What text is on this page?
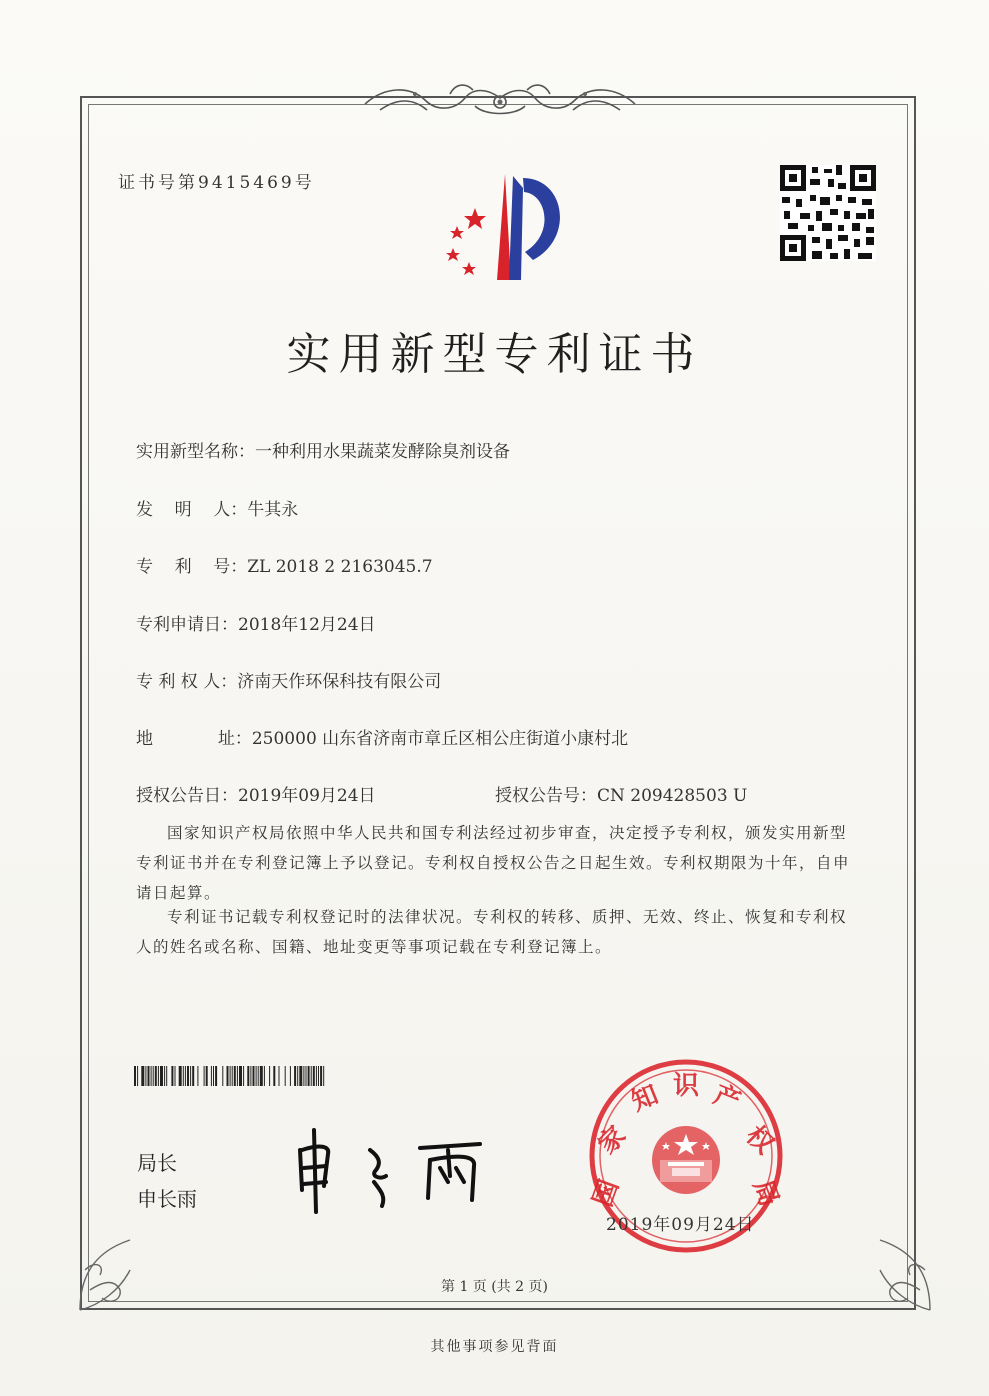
证书号第9415469号
实用新型专利证书
实用新型名称：一种利用水果蔬菜发酵除臭剂设备
发    明    人：牛其永
专    利    号：ZL 2018 2 2163045.7
专利申请日：2018年12月24日
专 利 权 人：济南天作环保科技有限公司
地            址：250000 山东省济南市章丘区相公庄街道小康村北
授权公告日：2019年09月24日	授权公告号：CN 209428503 U
国家知识产权局依照中华人民共和国专利法经过初步审查，决定授予专利权，颁发实用新型专利证书并在专利登记簿上予以登记。专利权自授权公告之日起生效。专利权期限为十年，自申请日起算。
专利证书记载专利权登记时的法律状况。专利权的转移、质押、无效、终止、恢复和专利权人的姓名或名称、国籍、地址变更等事项记载在专利登记簿上。
局长
申长雨	国
家
知 识 产
权
局
2019年09月24日
第 1 页 (共 2 页)
其他事项参见背面
